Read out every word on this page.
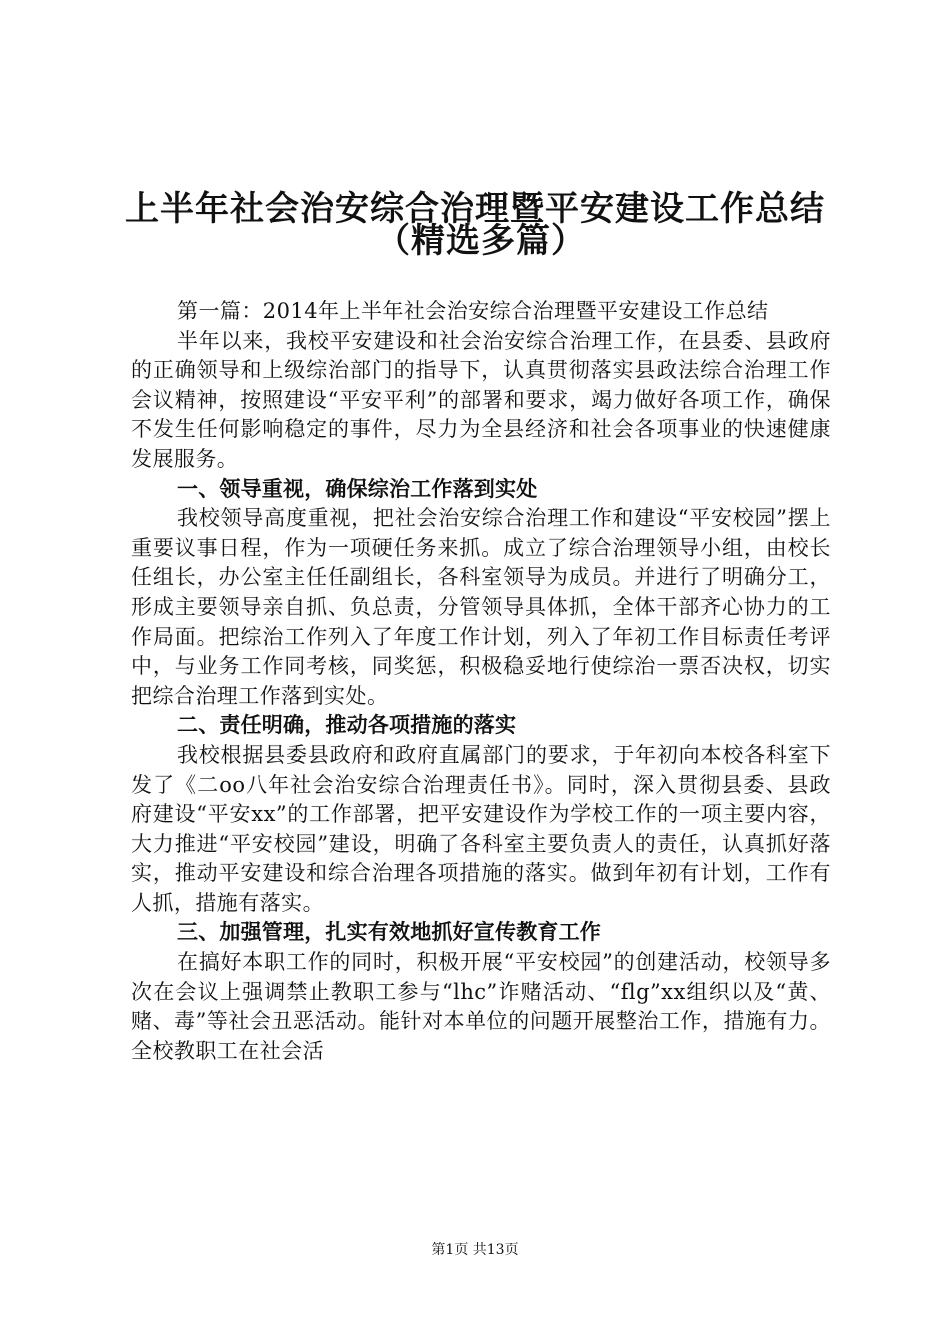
上半年社会治安综合治理暨平安建设工作总结
（精选多篇）

第一篇：2014年上半年社会治安综合治理暨平安建设工作总结

半年以来，我校平安建设和社会治安综合治理工作，在县委、县政府的正确领导和上级综治部门的指导下，认真贯彻落实县政法综合治理工作会议精神，按照建设“平安平利”的部署和要求，竭力做好各项工作，确保不发生任何影响稳定的事件，尽力为全县经济和社会各项事业的快速健康发展服务。

一、领导重视，确保综治工作落到实处

我校领导高度重视，把社会治安综合治理工作和建设“平安校园”摆上重要议事日程，作为一项硬任务来抓。成立了综合治理领导小组，由校长任组长，办公室主任任副组长，各科室领导为成员。并进行了明确分工，形成主要领导亲自抓、负总责，分管领导具体抓，全体干部齐心协力的工作局面。把综治工作列入了年度工作计划，列入了年初工作目标责任考评中，与业务工作同考核，同奖惩，积极稳妥地行使综治一票否决权，切实把综合治理工作落到实处。

二、责任明确，推动各项措施的落实

我校根据县委县政府和政府直属部门的要求，于年初向本校各科室下发了《二oo八年社会治安综合治理责任书》。同时，深入贯彻县委、县政府建设“平安xx”的工作部署，把平安建设作为学校工作的一项主要内容，大力推进“平安校园”建设，明确了各科室主要负责人的责任，认真抓好落实，推动平安建设和综合治理各项措施的落实。做到年初有计划，工作有人抓，措施有落实。

三、加强管理，扎实有效地抓好宣传教育工作

在搞好本职工作的同时，积极开展“平安校园”的创建活动，校领导多次在会议上强调禁止教职工参与“lhc”诈赌活动、“flg”xx组织以及“黄、赌、毒”等社会丑恶活动。能针对本单位的问题开展整治工作，措施有力。全校教职工在社会活

第1页 共13页
